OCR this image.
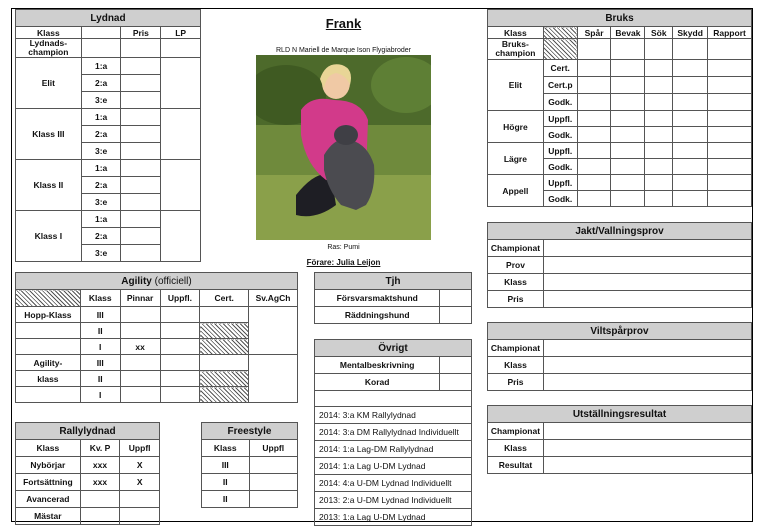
Lydnad			
Klass		Pris	LP
Lydnads-champion			
Elit	1:a		
	2:a		
	3:e		
Klass III	1:a		
	2:a		
	3:e		
Klass II	1:a		
	2:a		
	3:e		
Klass I	1:a		
	2:a		
	3:e		
Frank
RLD N Mariell de Marque Ison Flygiabroder
Ras: Pumi
Förare: Julia Leijon
Bruks						
Klass		Spår	Bevak	Sök	Skydd	Rapport
Bruks-champion						
Elit	Cert.					
	Cert.p					
	Godk.					
Högre	Uppfl.					
	Godk.					
Lägre	Uppfl.					
	Godk.					
Appell	Uppfl.					
	Godk.					
Jakt/Vallningsprov	
Championat	
Prov	
Klass	
Pris	
Viltspårprov	
Championat	
Klass	
Pris	
Utställningsresultat	
Championat	
Klass	
Resultat	
Agility (officiell)					
	Klass	Pinnar	Uppfl.	Cert.	Sv.AgCh
Hopp-Klass	III				
	II				
	I	xx			
Agility-	III				
klass	II				
	I				
Tjh	
Försvarsmaktshund	
Räddningshund	
Övrigt	
Mentalbeskrivning	
Korad	

2014: 3:a KM Rallylydnad	
2014: 3:a DM Rallylydnad Individuellt	
2014: 1:a Lag-DM Rallylydnad	
2014: 1:a Lag U-DM Lydnad	
2014: 4:a U-DM Lydnad Individuellt	
2013: 2:a U-DM Lydnad Individuellt	
2013: 1:a Lag U-DM Lydnad	
Rallylydnad		
Klass	Kv. P	Uppfl
Nybörjar	xxx	X
Fortsättning	xxx	X
Avancerad		
Mästar		
Freestyle	
Klass	Uppfl
III	
II	
II	
